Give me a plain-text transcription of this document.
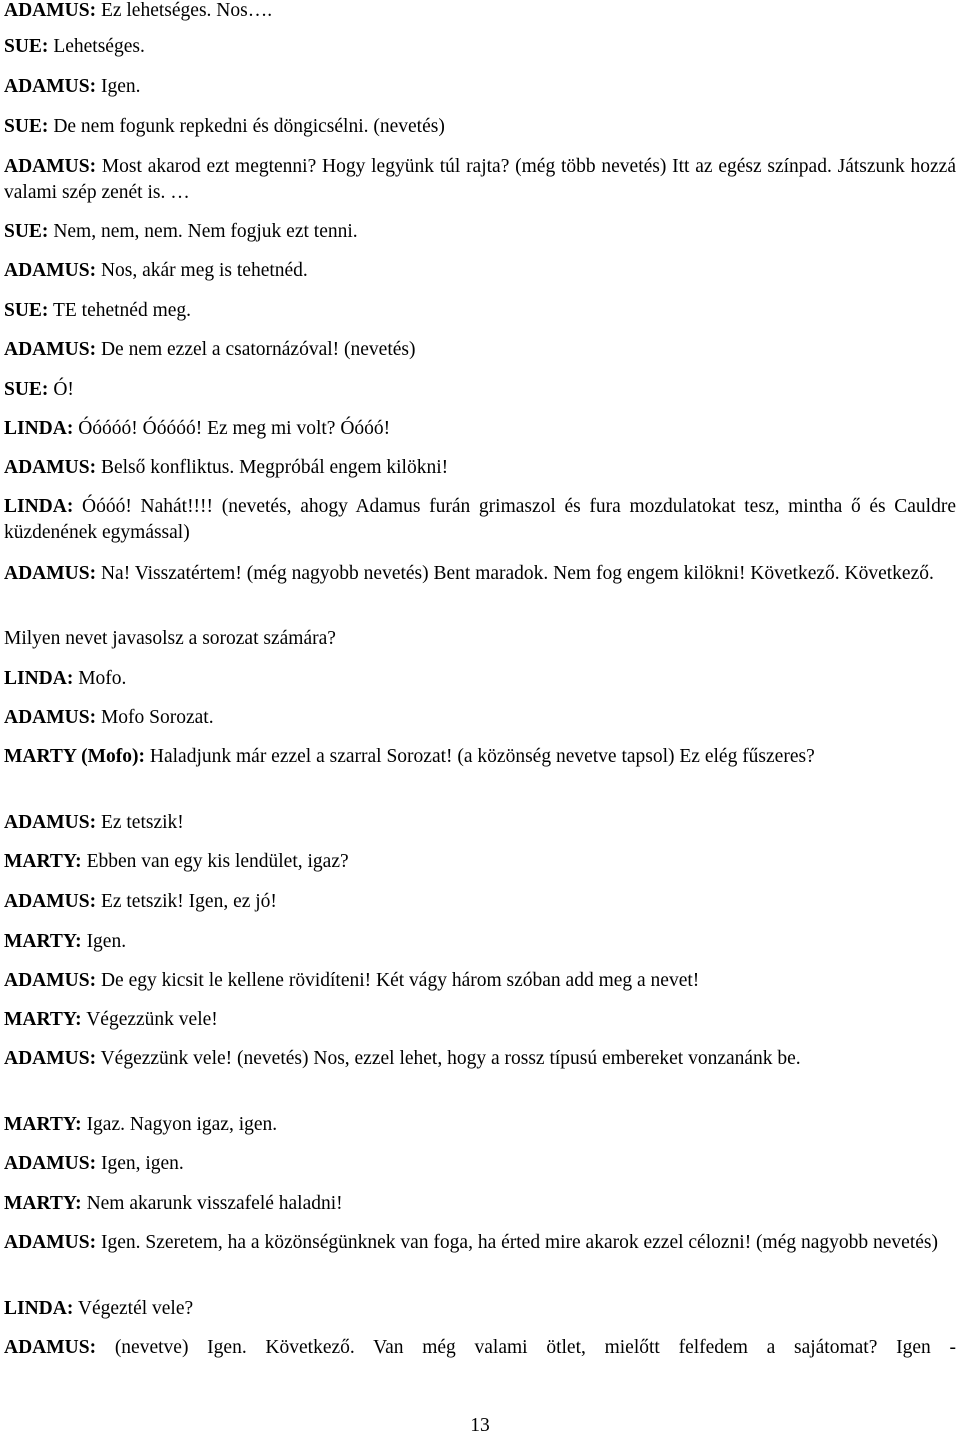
ADAMUS: Ez lehetséges. Nos….

SUE: Lehetséges.

ADAMUS: Igen.

SUE: De nem fogunk repkedni és döngicsélni. (nevetés)

ADAMUS: Most akarod ezt megtenni? Hogy legyünk túl rajta? (még több nevetés) Itt az egész színpad. Játszunk hozzá valami szép zenét is. …

SUE: Nem, nem, nem. Nem fogjuk ezt tenni.

ADAMUS: Nos, akár meg is tehetnéd.

SUE: TE tehetnéd meg.

ADAMUS: De nem ezzel a csatornázóval! (nevetés)

SUE: Ó!

LINDA: Óóóóó! Óóóóó! Ez meg mi volt? Óóóó!

ADAMUS: Belső konfliktus. Megpróbál engem kilökni!

LINDA: Óóóó! Nahát!!!! (nevetés, ahogy Adamus furán grimaszol és fura mozdulatokat tesz, mintha ő és Cauldre küzdenének egymással)

ADAMUS: Na! Visszatértem! (még nagyobb nevetés) Bent maradok. Nem fog engem kilökni! Következő. Következő.

Milyen nevet javasolsz a sorozat számára?

LINDA: Mofo.

ADAMUS: Mofo Sorozat.

MARTY (Mofo): Haladjunk már ezzel a szarral Sorozat! (a közönség nevetve tapsol) Ez elég fűszeres?

ADAMUS: Ez tetszik!

MARTY: Ebben van egy kis lendület, igaz?

ADAMUS: Ez tetszik! Igen, ez jó!

MARTY: Igen.

ADAMUS: De egy kicsit le kellene rövidíteni! Két vágy három szóban add meg a nevet!

MARTY: Végezzünk vele!

ADAMUS: Végezzünk vele! (nevetés) Nos, ezzel lehet, hogy a rossz típusú embereket vonzanánk be.

MARTY: Igaz. Nagyon igaz, igen.

ADAMUS: Igen, igen.

MARTY: Nem akarunk visszafelé haladni!

ADAMUS: Igen. Szeretem, ha a közönségünknek van foga, ha érted mire akarok ezzel célozni! (még nagyobb nevetés)

LINDA: Végeztél vele?

ADAMUS: (nevetve) Igen. Következő. Van még valami ötlet, mielőtt felfedem a sajátomat? Igen -

13
